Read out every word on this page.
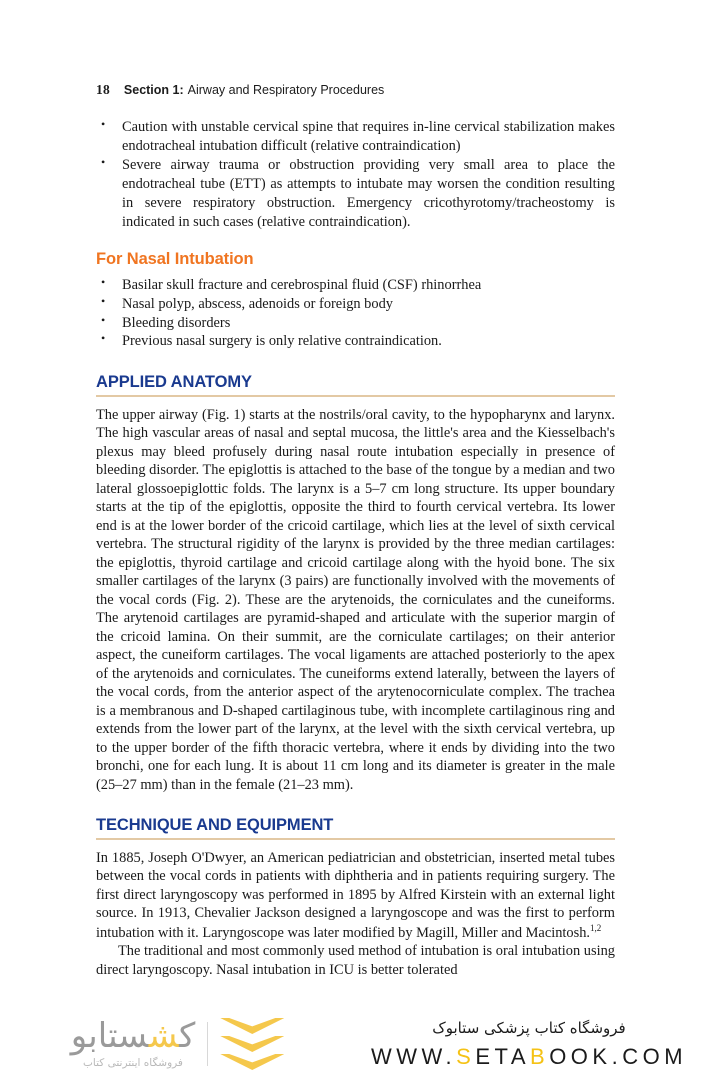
18 Section 1: Airway and Respiratory Procedures
• Caution with unstable cervical spine that requires in-line cervical stabilization makes endotracheal intubation difficult (relative contraindication)
• Severe airway trauma or obstruction providing very small area to place the endotracheal tube (ETT) as attempts to intubate may worsen the condition resulting in severe respiratory obstruction. Emergency cricothyrotomy/tracheostomy is indicated in such cases (relative contraindication).
For Nasal Intubation
• Basilar skull fracture and cerebrospinal fluid (CSF) rhinorrhea
• Nasal polyp, abscess, adenoids or foreign body
• Bleeding disorders
• Previous nasal surgery is only relative contraindication.
APPLIED ANATOMY

The upper airway (Fig. 1) starts at the nostrils/oral cavity, to the hypopharynx and larynx. The high vascular areas of nasal and septal mucosa, the little's area and the Kiesselbach's plexus may bleed profusely during nasal route intubation especially in presence of bleeding disorder. The epiglottis is attached to the base of the tongue by a median and two lateral glossoepiglottic folds. The larynx is a 5–7 cm long structure. Its upper boundary starts at the tip of the epiglottis, opposite the third to fourth cervical vertebra. Its lower end is at the lower border of the cricoid cartilage, which lies at the level of sixth cervical vertebra. The structural rigidity of the larynx is provided by the three median cartilages: the epiglottis, thyroid cartilage and cricoid cartilage along with the hyoid bone. The six smaller cartilages of the larynx (3 pairs) are functionally involved with the movements of the vocal cords (Fig. 2). These are the arytenoids, the corniculates and the cuneiforms. The arytenoid cartilages are pyramid-shaped and articulate with the superior margin of the cricoid lamina. On their summit, are the corniculate cartilages; on their anterior aspect, the cuneiform cartilages. The vocal ligaments are attached posteriorly to the apex of the arytenoids and corniculates. The cuneiforms extend laterally, between the layers of the vocal cords, from the anterior aspect of the arytenocorniculate complex. The trachea is a membranous and D-shaped cartilaginous tube, with incomplete cartilaginous ring and extends from the lower part of the larynx, at the level with the sixth cervical vertebra, up to the upper border of the fifth thoracic vertebra, where it ends by dividing into the two bronchi, one for each lung. It is about 11 cm long and its diameter is greater in the male (25–27 mm) than in the female (21–23 mm).

TECHNIQUE AND EQUIPMENT

In 1885, Joseph O'Dwyer, an American pediatrician and obstetrician, inserted metal tubes between the vocal cords in patients with diphtheria and in patients requiring surgery. The first direct laryngoscopy was performed in 1895 by Alfred Kirstein with an external light source. In 1913, Chevalier Jackson designed a laryngoscope and was the first to perform intubation with it. Laryngoscope was later modified by Magill, Miller and Macintosh.$^{1,2}$

The traditional and most commonly used method of intubation is oral intubation using direct laryngoscopy. Nasal intubation in ICU is better tolerated

کشستابو
فروشگاه اینترنتی کتاب
فروشگاه کتاب پزشکی ستابوک
WWW.SETABOOK.COM
